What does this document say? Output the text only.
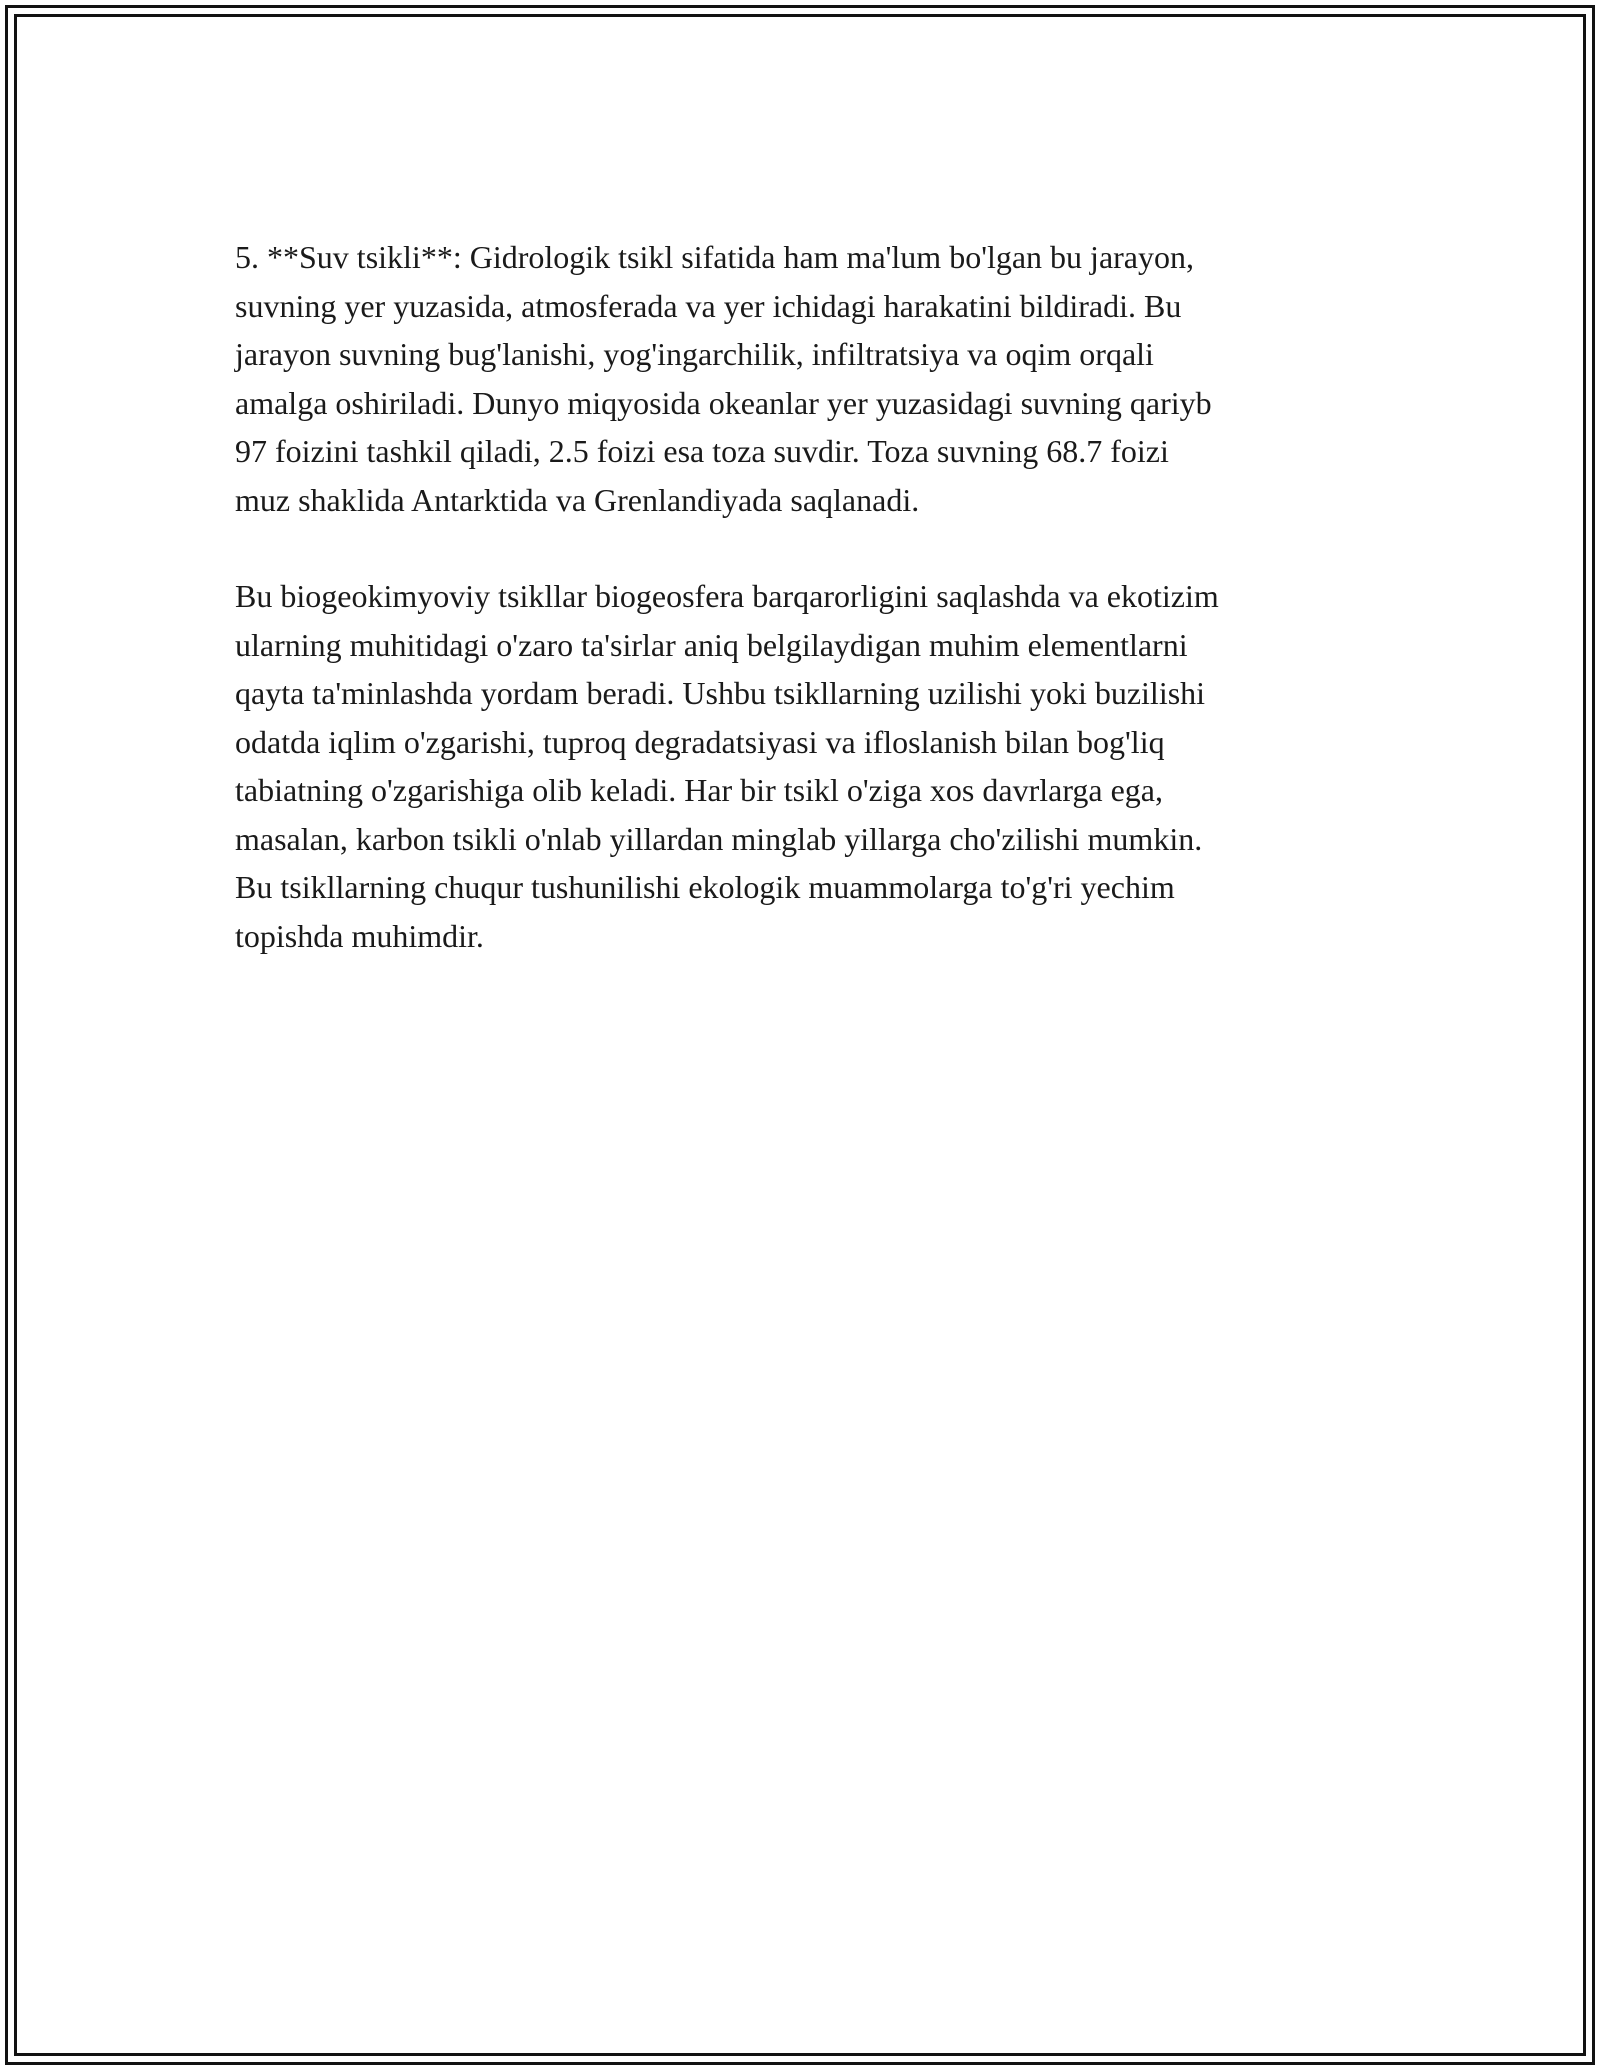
5. **Suv tsikli**: Gidrologik tsikl sifatida ham ma'lum bo'lgan bu jarayon,
suvning yer yuzasida, atmosferada va yer ichidagi harakatini bildiradi. Bu
jarayon suvning bug'lanishi, yog'ingarchilik, infiltratsiya va oqim orqali
amalga oshiriladi. Dunyo miqyosida okeanlar yer yuzasidagi suvning qariyb
97 foizini tashkil qiladi, 2.5 foizi esa toza suvdir. Toza suvning 68.7 foizi
muz shaklida Antarktida va Grenlandiyada saqlanadi.

Bu biogeokimyoviy tsikllar biogeosfera barqarorligini saqlashda va ekotizim
ularning muhitidagi o'zaro ta'sirlar aniq belgilaydigan muhim elementlarni
qayta ta'minlashda yordam beradi. Ushbu tsikllarning uzilishi yoki buzilishi
odatda iqlim o'zgarishi, tuproq degradatsiyasi va ifloslanish bilan bog'liq
tabiatning o'zgarishiga olib keladi. Har bir tsikl o'ziga xos davrlarga ega,
masalan, karbon tsikli o'nlab yillardan minglab yillarga cho'zilishi mumkin.
Bu tsikllarning chuqur tushunilishi ekologik muammolarga to'g'ri yechim
topishda muhimdir.
